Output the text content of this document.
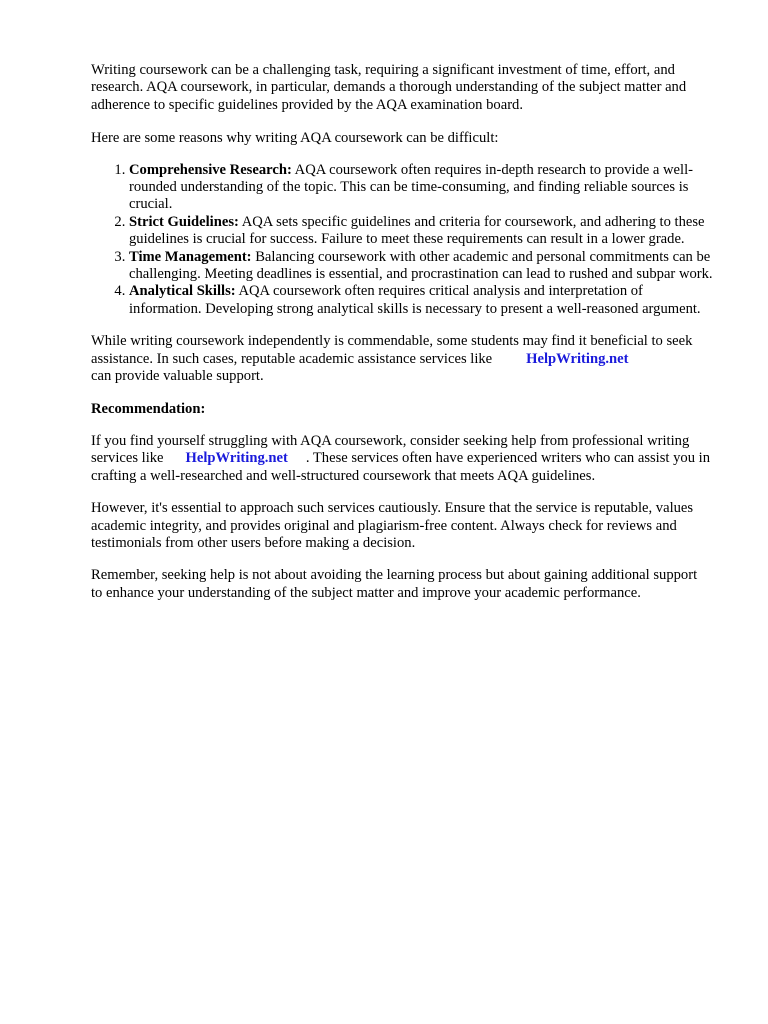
Writing coursework can be a challenging task, requiring a significant investment of time, effort, and research. AQA coursework, in particular, demands a thorough understanding of the subject matter and adherence to specific guidelines provided by the AQA examination board.

Here are some reasons why writing AQA coursework can be difficult:

1. Comprehensive Research: AQA coursework often requires in-depth research to provide a well-rounded understanding of the topic. This can be time-consuming, and finding reliable sources is crucial.
2. Strict Guidelines: AQA sets specific guidelines and criteria for coursework, and adhering to these guidelines is crucial for success. Failure to meet these requirements can result in a lower grade.
3. Time Management: Balancing coursework with other academic and personal commitments can be challenging. Meeting deadlines is essential, and procrastination can lead to rushed and subpar work.
4. Analytical Skills: AQA coursework often requires critical analysis and interpretation of information. Developing strong analytical skills is necessary to present a well-reasoned argument.

While writing coursework independently is commendable, some students may find it beneficial to seek assistance. In such cases, reputable academic assistance services like HelpWriting.net
can provide valuable support.

Recommendation:

If you find yourself struggling with AQA coursework, consider seeking help from professional writing services like HelpWriting.net . These services often have experienced writers who can assist you in crafting a well-researched and well-structured coursework that meets AQA guidelines.

However, it's essential to approach such services cautiously. Ensure that the service is reputable, values academic integrity, and provides original and plagiarism-free content. Always check for reviews and testimonials from other users before making a decision.

Remember, seeking help is not about avoiding the learning process but about gaining additional support to enhance your understanding of the subject matter and improve your academic performance.
